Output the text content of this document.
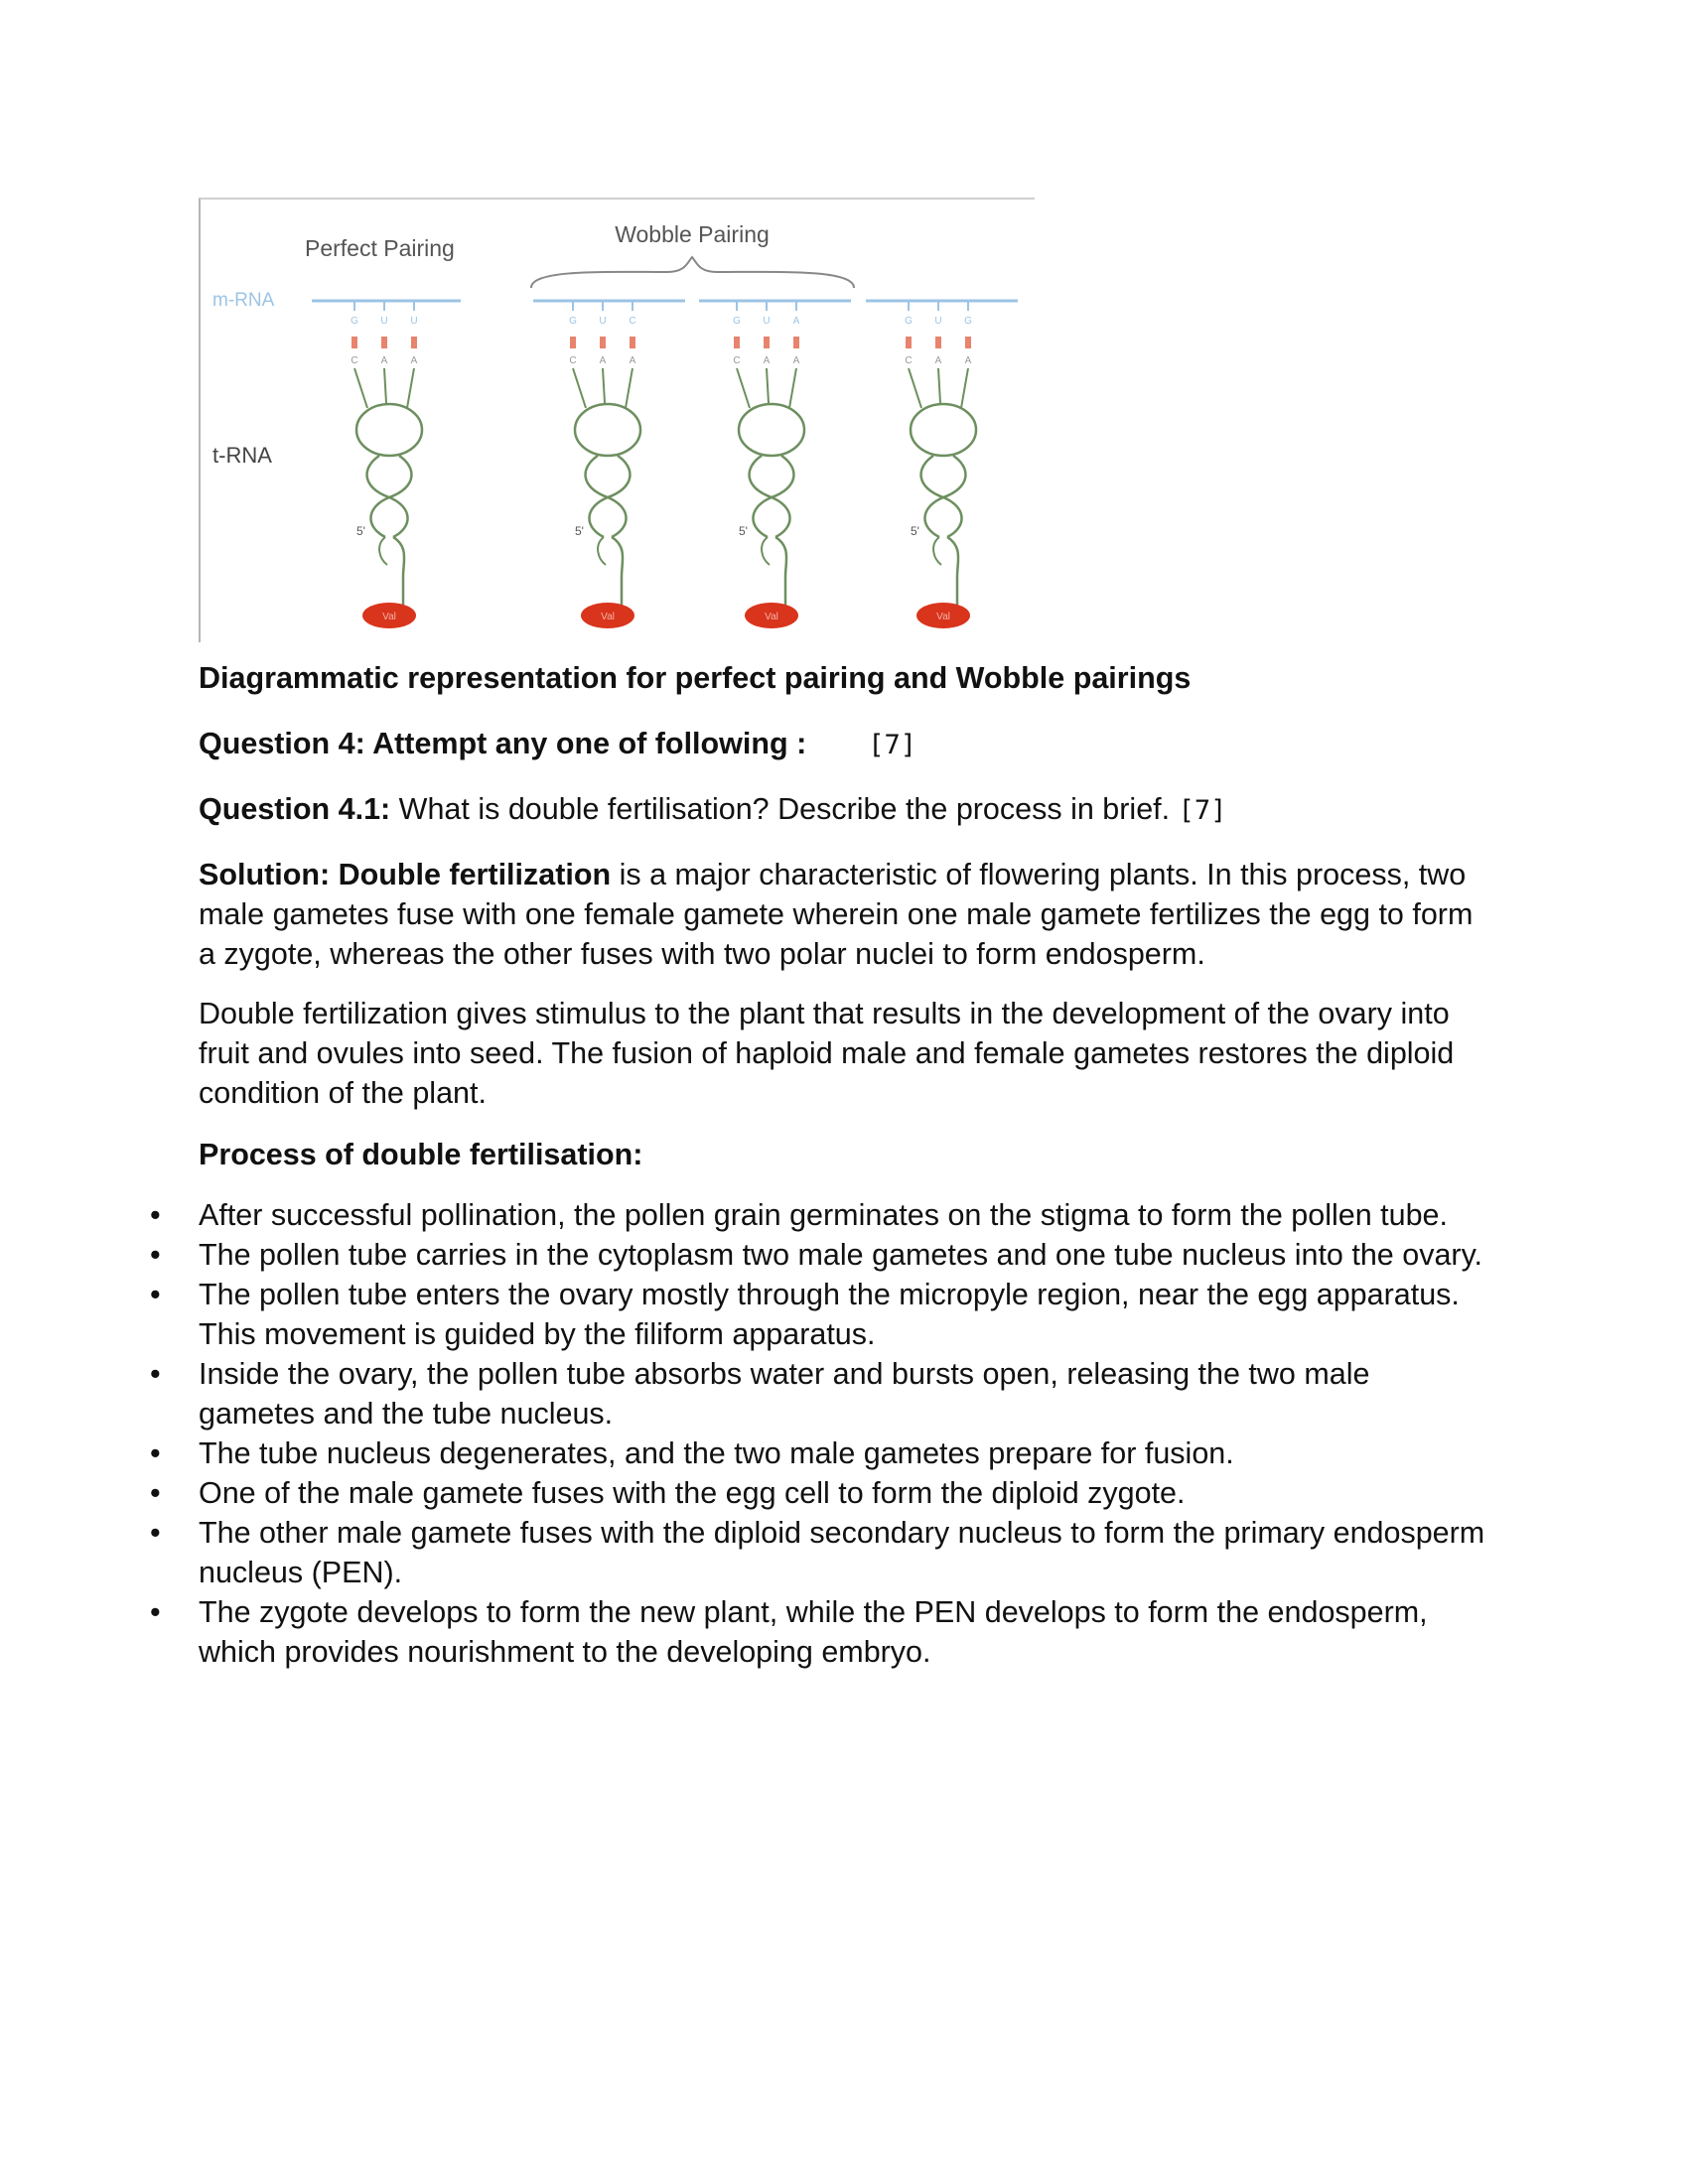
Perfect Pairing
Wobble Pairing
m-RNA
t-RNA
G
C
U
A
U
A
5'
Val
G
C
U
A
C
A
5'
Val
G
C
U
A
A
A
5'
Val
G
C
U
A
G
A
5'
Val

Diagrammatic representation for perfect pairing and Wobble pairings

Question 4: Attempt any one of following : [7]

Question 4.1: What is double fertilisation? Describe the process in brief. [7]

Solution: Double fertilization is a major characteristic of flowering plants. In this process, two male gametes fuse with one female gamete wherein one male gamete fertilizes the egg to form a zygote, whereas the other fuses with two polar nuclei to form endosperm.

Double fertilization gives stimulus to the plant that results in the development of the ovary into fruit and ovules into seed. The fusion of haploid male and female gametes restores the diploid condition of the plant.

Process of double fertilisation:

• After successful pollination, the pollen grain germinates on the stigma to form the pollen tube.
• The pollen tube carries in the cytoplasm two male gametes and one tube nucleus into the ovary.
• The pollen tube enters the ovary mostly through the micropyle region, near the egg apparatus. This movement is guided by the filiform apparatus.
• Inside the ovary, the pollen tube absorbs water and bursts open, releasing the two male gametes and the tube nucleus.
• The tube nucleus degenerates, and the two male gametes prepare for fusion.
• One of the male gamete fuses with the egg cell to form the diploid zygote.
• The other male gamete fuses with the diploid secondary nucleus to form the primary endosperm nucleus (PEN).
• The zygote develops to form the new plant, while the PEN develops to form the endosperm, which provides nourishment to the developing embryo.
